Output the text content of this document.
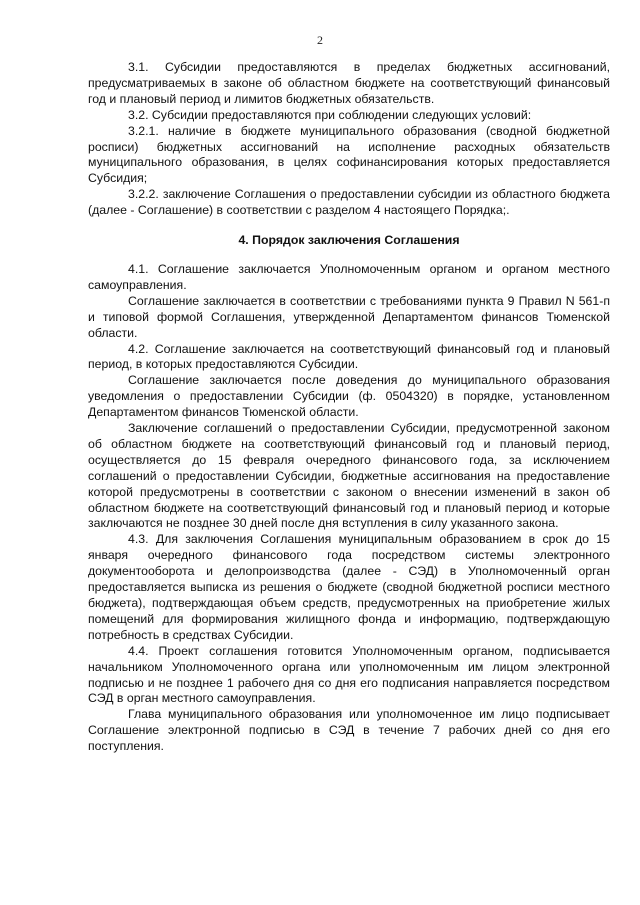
2

3.1. Субсидии предоставляются в пределах бюджетных ассигнований, предусматриваемых в законе об областном бюджете на соответствующий финансовый год и плановый период и лимитов бюджетных обязательств.

3.2. Субсидии предоставляются при соблюдении следующих условий:

3.2.1. наличие в бюджете муниципального образования (сводной бюджетной росписи) бюджетных ассигнований на исполнение расходных обязательств муниципального образования, в целях софинансирования которых предоставляется Субсидия;

3.2.2. заключение Соглашения о предоставлении субсидии из областного бюджета (далее - Соглашение) в соответствии с разделом 4 настоящего Порядка;.

4. Порядок заключения Соглашения

4.1. Соглашение заключается Уполномоченным органом и органом местного самоуправления.

Соглашение заключается в соответствии с требованиями пункта 9 Правил N 561-п и типовой формой Соглашения, утвержденной Департаментом финансов Тюменской области.

4.2. Соглашение заключается на соответствующий финансовый год и плановый период, в которых предоставляются Субсидии.

Соглашение заключается после доведения до муниципального образования уведомления о предоставлении Субсидии (ф. 0504320) в порядке, установленном Департаментом финансов Тюменской области.

Заключение соглашений о предоставлении Субсидии, предусмотренной законом об областном бюджете на соответствующий финансовый год и плановый период, осуществляется до 15 февраля очередного финансового года, за исключением соглашений о предоставлении Субсидии, бюджетные ассигнования на предоставление которой предусмотрены в соответствии с законом о внесении изменений в закон об областном бюджете на соответствующий финансовый год и плановый период и которые заключаются не позднее 30 дней после дня вступления в силу указанного закона.

4.3. Для заключения Соглашения муниципальным образованием в срок до 15 января очередного финансового года посредством системы электронного документооборота и делопроизводства (далее - СЭД) в Уполномоченный орган предоставляется выписка из решения о бюджете (сводной бюджетной росписи местного бюджета), подтверждающая объем средств, предусмотренных на приобретение жилых помещений для формирования жилищного фонда и информацию, подтверждающую потребность в средствах Субсидии.

4.4. Проект соглашения готовится Уполномоченным органом, подписывается начальником Уполномоченного органа или уполномоченным им лицом электронной подписью и не позднее 1 рабочего дня со дня его подписания направляется посредством СЭД в орган местного самоуправления.

Глава муниципального образования или уполномоченное им лицо подписывает Соглашение электронной подписью в СЭД в течение 7 рабочих дней со дня его поступления.
